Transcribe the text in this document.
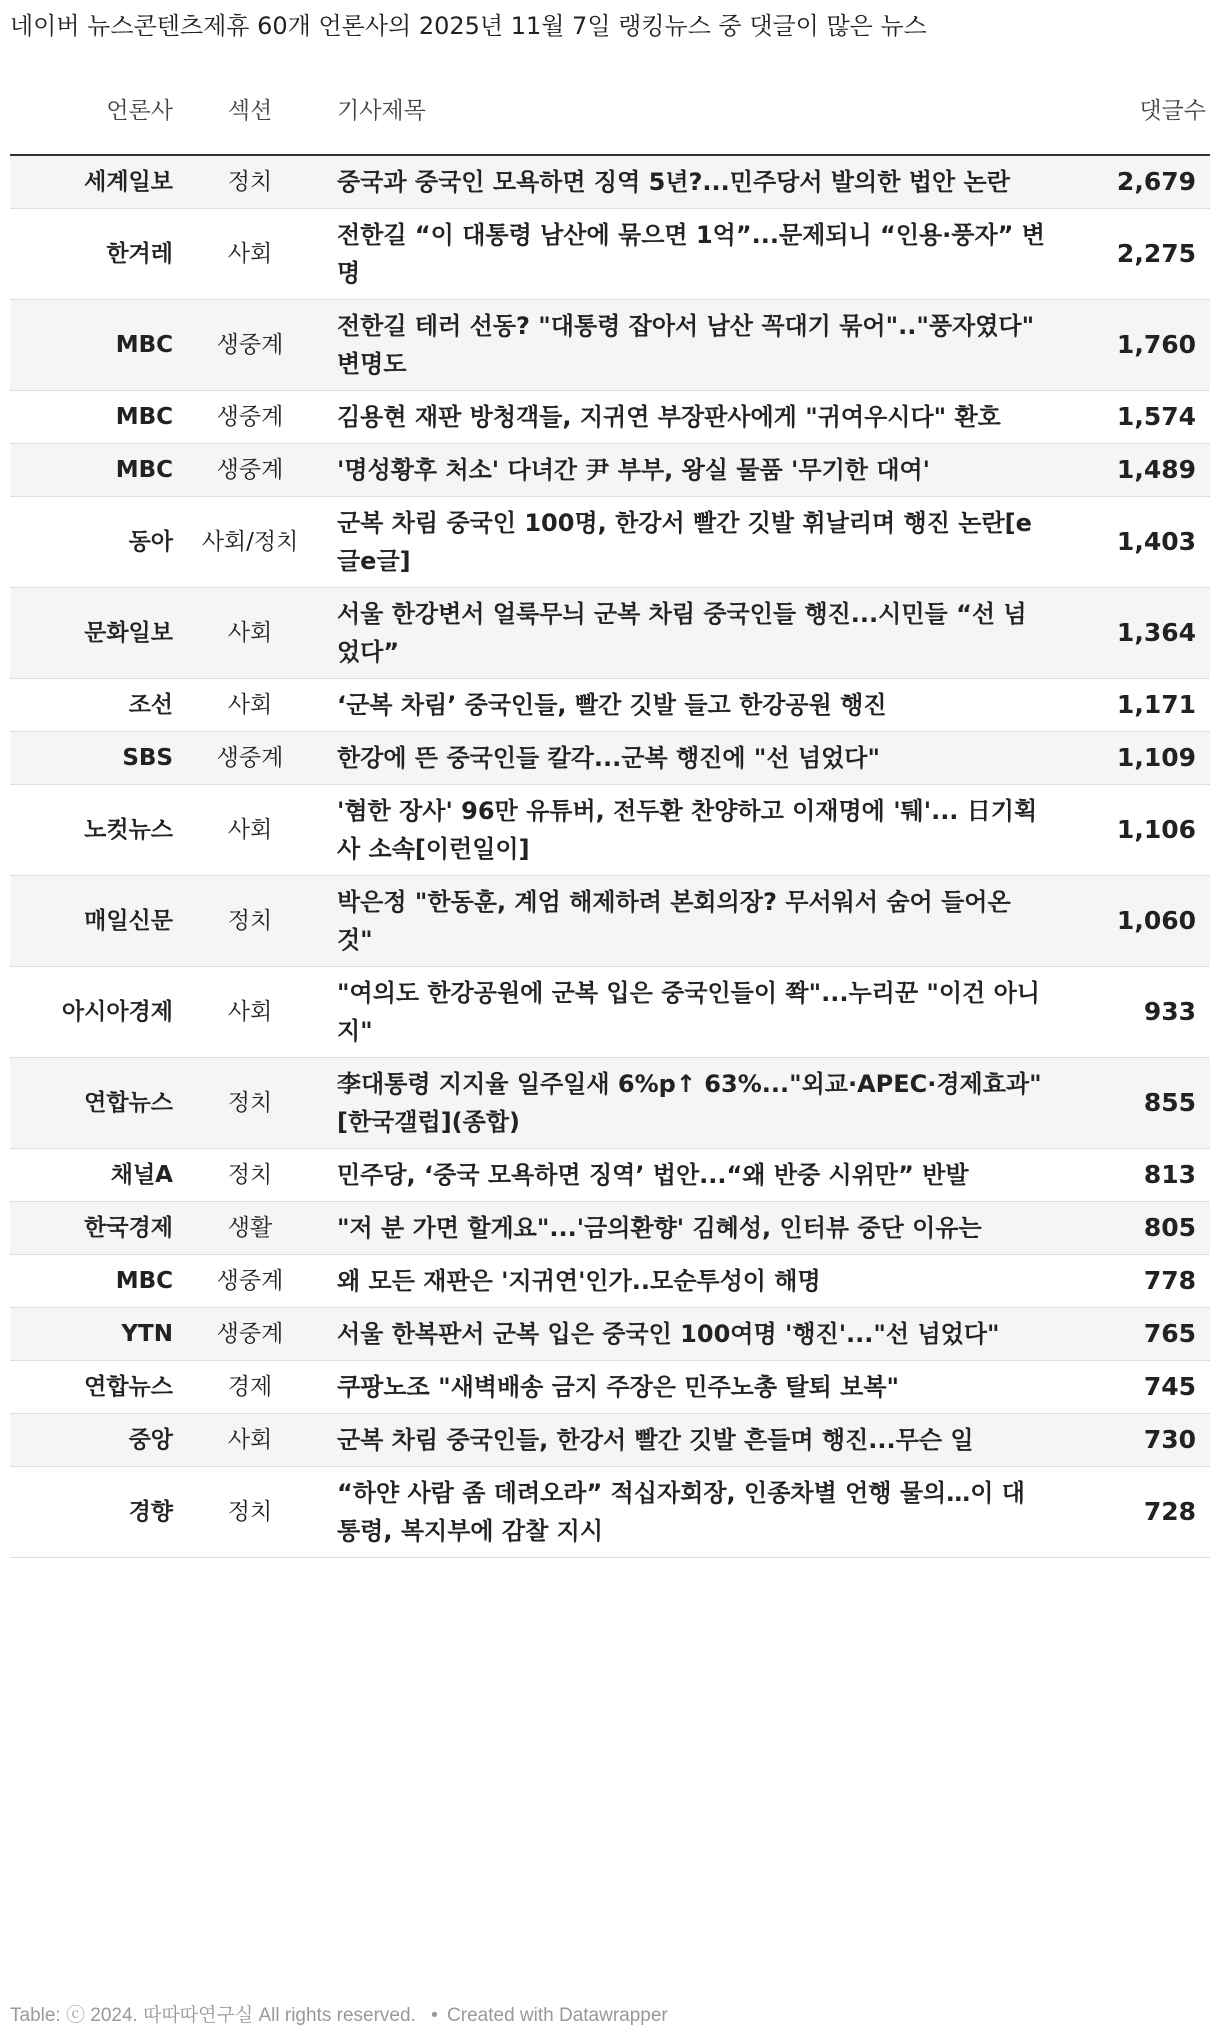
네이버 뉴스콘텐츠제휴 60개 언론사의 2025년 11월 7일 랭킹뉴스 중 댓글이 많은 뉴스
언론사	섹션	기사제목	댓글수
세계일보	정치	중국과 중국인 모욕하면 징역 5년?...민주당서 발의한 법안 논란	2,679
한겨레	사회	전한길 “이 대통령 남산에 묶으면 1억”...문제되니 “인용·풍자” 변명	2,275
MBC	생중계	전한길 테러 선동? "대통령 잡아서 남산 꼭대기 묶어".."풍자였다" 변명도	1,760
MBC	생중계	김용현 재판 방청객들, 지귀연 부장판사에게 "귀여우시다" 환호	1,574
MBC	생중계	'명성황후 처소' 다녀간 尹 부부, 왕실 물품 '무기한 대여'	1,489
동아	사회/정치	군복 차림 중국인 100명, 한강서 빨간 깃발 휘날리며 행진 논란[e글e글]	1,403
문화일보	사회	서울 한강변서 얼룩무늬 군복 차림 중국인들 행진...시민들 “선 넘었다”	1,364
조선	사회	‘군복 차림’ 중국인들, 빨간 깃발 들고 한강공원 행진	1,171
SBS	생중계	한강에 뜬 중국인들 칼각...군복 행진에 "선 넘었다"	1,109
노컷뉴스	사회	'혐한 장사' 96만 유튜버, 전두환 찬양하고 이재명에 '퉤'... 日기획사 소속[이런일이]	1,106
매일신문	정치	박은정 "한동훈, 계엄 해제하려 본회의장? 무서워서 숨어 들어온 것"	1,060
아시아경제	사회	"여의도 한강공원에 군복 입은 중국인들이 쫙"...누리꾼 "이건 아니지"	933
연합뉴스	정치	李대통령 지지율 일주일새 6%p↑ 63%..."외교·APEC·경제효과"[한국갤럽](종합)	855
채널A	정치	민주당, ‘중국 모욕하면 징역’ 법안...“왜 반중 시위만” 반발	813
한국경제	생활	"저 분 가면 할게요"...'금의환향' 김혜성, 인터뷰 중단 이유는	805
MBC	생중계	왜 모든 재판은 '지귀연'인가..모순투성이 해명	778
YTN	생중계	서울 한복판서 군복 입은 중국인 100여명 '행진'..."선 넘었다"	765
연합뉴스	경제	쿠팡노조 "새벽배송 금지 주장은 민주노총 탈퇴 보복"	745
중앙	사회	군복 차림 중국인들, 한강서 빨간 깃발 흔들며 행진...무슨 일	730
경향	정치	“하얀 사람 좀 데려오라” 적십자회장, 인종차별 언행 물의…이 대통령, 복지부에 감찰 지시	728
Table: ⓒ 2024. 따따따연구실 All rights reserved. • Created with Datawrapper
